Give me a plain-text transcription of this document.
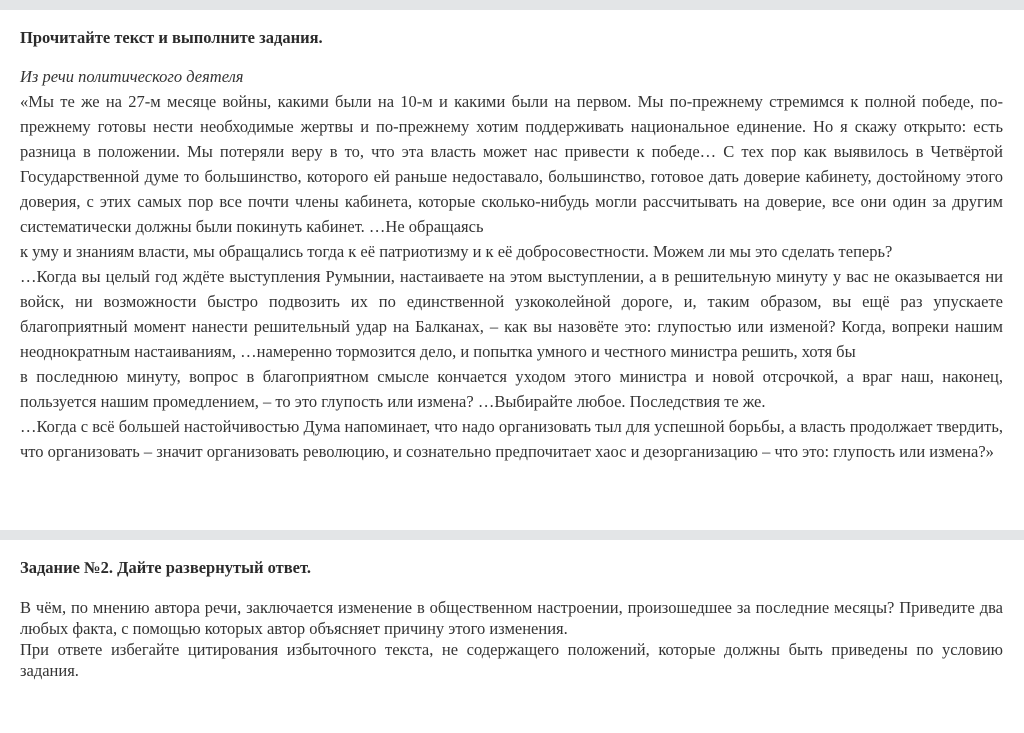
Прочитайте текст и выполните задания.
Из речи политического деятеля

«Мы те же на 27-м месяце войны, какими были на 10-м и какими были на первом. Мы по-прежнему стремимся к полной победе, по-прежнему готовы нести необходимые жертвы и по-прежнему хотим поддерживать национальное единение. Но я скажу открыто: есть разница в положении. Мы потеряли веру в то, что эта власть может нас привести к победе… С тех пор как выявилось в Четвёртой Государственной думе то большинство, которого ей раньше недоставало, большинство, готовое дать доверие кабинету, достойному этого доверия, с этих самых пор все почти члены кабинета, которые сколько-нибудь могли рассчитывать на доверие, все они один за другим систематически должны были покинуть кабинет. …Не обращаясь

к уму и знаниям власти, мы обращались тогда к её патриотизму и к её добросовестности. Можем ли мы это сделать теперь?

…Когда вы целый год ждёте выступления Румынии, настаиваете на этом выступлении, а в решительную минуту у вас не оказывается ни войск, ни возможности быстро подвозить их по единственной узкоколейной дороге, и, таким образом, вы ещё раз упускаете благоприятный момент нанести решительный удар на Балканах, – как вы назовёте это: глупостью или изменой? Когда, вопреки нашим неоднократным настаиваниям, …намеренно тормозится дело, и попытка умного и честного министра решить, хотя бы

в последнюю минуту, вопрос в благоприятном смысле кончается уходом этого министра и новой отсрочкой, а враг наш, наконец, пользуется нашим промедлением, – то это глупость или измена? …Выбирайте любое. Последствия те же.

…Когда с всё большей настойчивостью Дума напоминает, что надо организовать тыл для успешной борьбы, а власть продолжает твердить, что организовать – значит организовать революцию, и сознательно предпочитает хаос и дезорганизацию – что это: глупость или измена?»

Задание №2. Дайте развернутый ответ.

В чём, по мнению автора речи, заключается изменение в общественном настроении, произошедшее за последние месяцы? Приведите два любых факта, с помощью которых автор объясняет причину этого изменения.

При ответе избегайте цитирования избыточного текста, не содержащего положений, которые должны быть приведены по условию задания.
